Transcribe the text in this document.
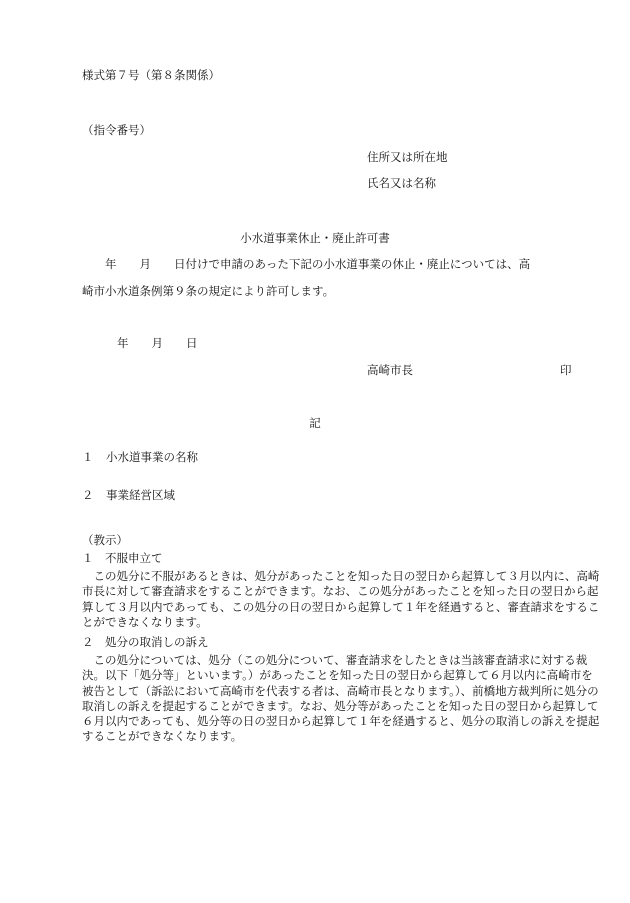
様式第７号（第８条関係）
（指令番号）
住所又は所在地
氏名又は名称
小水道事業休止・廃止許可書
　　年　　月　　日付けで申請のあった下記の小水道事業の休止・廃止については、高
崎市小水道条例第９条の規定により許可します。
年　　月　　日
高崎市長	印
記
１ 小水道事業の名称
２ 事業経営区域
（教示）
１　不服申立て
この処分に不服があるときは、処分があったことを知った日の翌日から起算して３月以内に、高崎市長に対して審査請求をすることができます。なお、この処分があったことを知った日の翌日から起算して３月以内であっても、この処分の日の翌日から起算して１年を経過すると、審査請求をすることができなくなります。
２　処分の取消しの訴え
この処分については、処分（この処分について、審査請求をしたときは当該審査請求に対する裁決。以下「処分等」といいます。）があったことを知った日の翌日から起算して６月以内に高崎市を被告として（訴訟において高崎市を代表する者は、高崎市長となります。）、前橋地方裁判所に処分の取消しの訴えを提起することができます。なお、処分等があったことを知った日の翌日から起算して６月以内であっても、処分等の日の翌日から起算して１年を経過すると、処分の取消しの訴えを提起することができなくなります。
